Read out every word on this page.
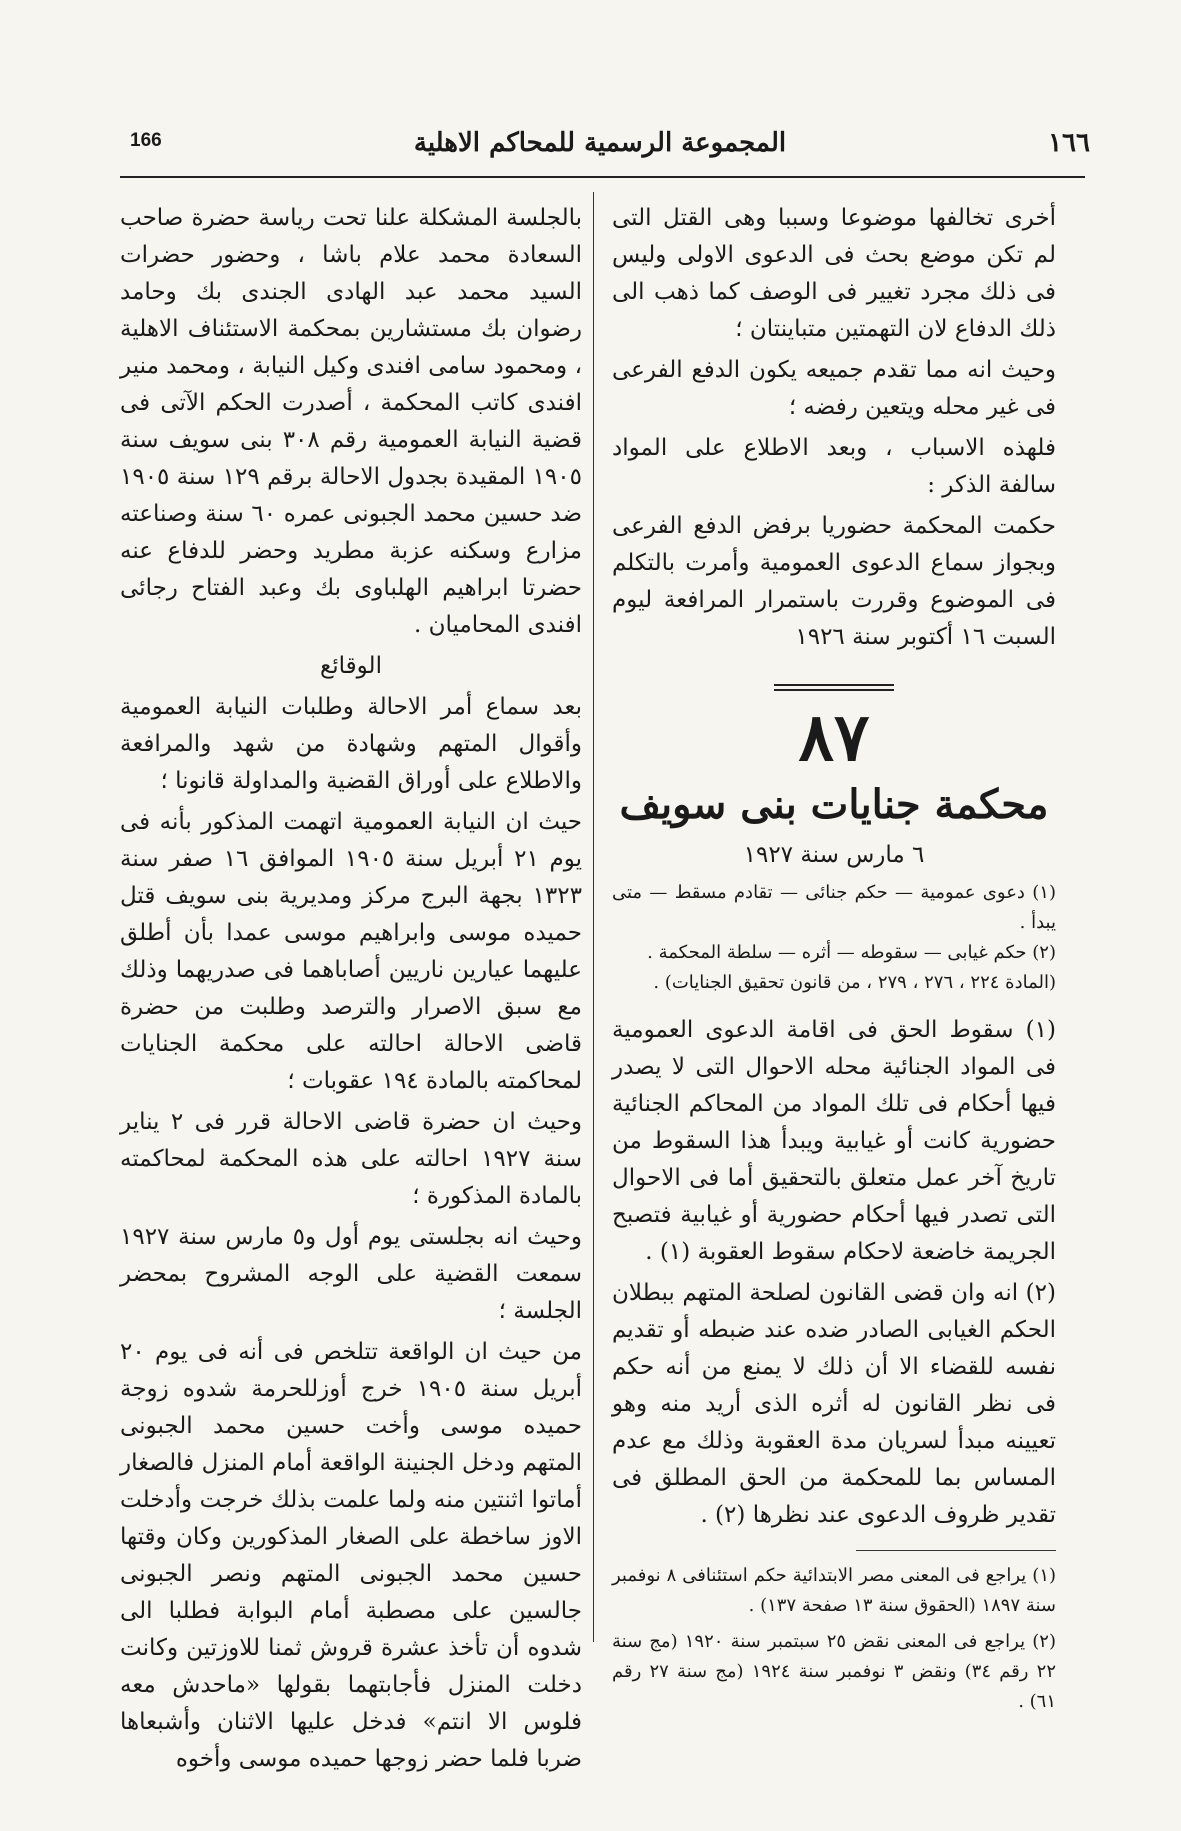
١٦٦
المجموعة الرسمية للمحاكم الاهلية
166

أخرى تخالفها موضوعا وسببا وهى القتل التى لم تكن موضع بحث فى الدعوى الاولى وليس فى ذلك مجرد تغيير فى الوصف كما ذهب الى ذلك الدفاع لان التهمتين متباينتان ؛

وحيث انه مما تقدم جميعه يكون الدفع الفرعى فى غير محله ويتعين رفضه ؛

فلهذه الاسباب ، وبعد الاطلاع على المواد سالفة الذكر :

حكمت المحكمة حضوريا برفض الدفع الفرعى وبجواز سماع الدعوى العمومية وأمرت بالتكلم فى الموضوع وقررت باستمرار المرافعة ليوم السبت ١٦ أكتوبر سنة ١٩٢٦

٨٧

محكمة جنايات بنى سويف

٦ مارس سنة ١٩٢٧

(١) دعوى عمومية — حكم جنائى — تقادم مسقط — متى يبدأ .

(٢) حكم غيابى — سقوطه — أثره — سلطة المحكمة .

(المادة ٢٢٤ ، ٢٧٦ ، ٢٧٩ ، من قانون تحقيق الجنايات) .

(١) سقوط الحق فى اقامة الدعوى العمومية فى المواد الجنائية محله الاحوال التى لا يصدر فيها أحكام فى تلك المواد من المحاكم الجنائية حضورية كانت أو غيابية ويبدأ هذا السقوط من تاريخ آخر عمل متعلق بالتحقيق أما فى الاحوال التى تصدر فيها أحكام حضورية أو غيابية فتصبح الجريمة خاضعة لاحكام سقوط العقوبة (١) .

(٢) انه وان قضى القانون لصلحة المتهم ببطلان الحكم الغيابى الصادر ضده عند ضبطه أو تقديم نفسه للقضاء الا أن ذلك لا يمنع من أنه حكم فى نظر القانون له أثره الذى أريد منه وهو تعيينه مبدأ لسريان مدة العقوبة وذلك مع عدم المساس بما للمحكمة من الحق المطلق فى تقدير ظروف الدعوى عند نظرها (٢) .

(١) يراجع فى المعنى مصر الابتدائية حكم استئنافى ٨ نوفمبر سنة ١٨٩٧ (الحقوق سنة ١٣ صفحة ١٣٧) .

(٢) يراجع فى المعنى نقض ٢٥ سبتمبر سنة ١٩٢٠ (مج سنة ٢٢ رقم ٣٤) ونقض ٣ نوفمبر سنة ١٩٢٤ (مج سنة ٢٧ رقم ٦١) .

بالجلسة المشكلة علنا تحت رياسة حضرة صاحب السعادة محمد علام باشا ، وحضور حضرات السيد محمد عبد الهادى الجندى بك وحامد رضوان بك مستشارين بمحكمة الاستئناف الاهلية ، ومحمود سامى افندى وكيل النيابة ، ومحمد منير افندى كاتب المحكمة ، أصدرت الحكم الآتى فى قضية النيابة العمومية رقم ٣٠٨ بنى سويف سنة ١٩٠٥ المقيدة بجدول الاحالة برقم ١٢٩ سنة ١٩٠٥ ضد حسين محمد الجبونى عمره ٦٠ سنة وصناعته مزارع وسكنه عزبة مطريد وحضر للدفاع عنه حضرتا ابراهيم الهلباوى بك وعبد الفتاح رجائى افندى المحاميان .

الوقائع

بعد سماع أمر الاحالة وطلبات النيابة العمومية وأقوال المتهم وشهادة من شهد والمرافعة والاطلاع على أوراق القضية والمداولة قانونا ؛

حيث ان النيابة العمومية اتهمت المذكور بأنه فى يوم ٢١ أبريل سنة ١٩٠٥ الموافق ١٦ صفر سنة ١٣٢٣ بجهة البرج مركز ومديرية بنى سويف قتل حميده موسى وابراهيم موسى عمدا بأن أطلق عليهما عيارين ناريين أصاباهما فى صدريهما وذلك مع سبق الاصرار والترصد وطلبت من حضرة قاضى الاحالة احالته على محكمة الجنايات لمحاكمته بالمادة ١٩٤ عقوبات ؛

وحيث ان حضرة قاضى الاحالة قرر فى ٢ يناير سنة ١٩٢٧ احالته على هذه المحكمة لمحاكمته بالمادة المذكورة ؛

وحيث انه بجلستى يوم أول و٥ مارس سنة ١٩٢٧ سمعت القضية على الوجه المشروح بمحضر الجلسة ؛

من حيث ان الواقعة تتلخص فى أنه فى يوم ٢٠ أبريل سنة ١٩٠٥ خرج أوزللحرمة شدوه زوجة حميده موسى وأخت حسين محمد الجبونى المتهم ودخل الجنينة الواقعة أمام المنزل فالصغار أماتوا اثنتين منه ولما علمت بذلك خرجت وأدخلت الاوز ساخطة على الصغار المذكورين وكان وقتها حسين محمد الجبونى المتهم ونصر الجبونى جالسين على مصطبة أمام البوابة فطلبا الى شدوه أن تأخذ عشرة قروش ثمنا للاوزتين وكانت دخلت المنزل فأجابتهما بقولها «ماحدش معه فلوس الا انتم» فدخل عليها الاثنان وأشبعاها ضربا فلما حضر زوجها حميده موسى وأخوه
